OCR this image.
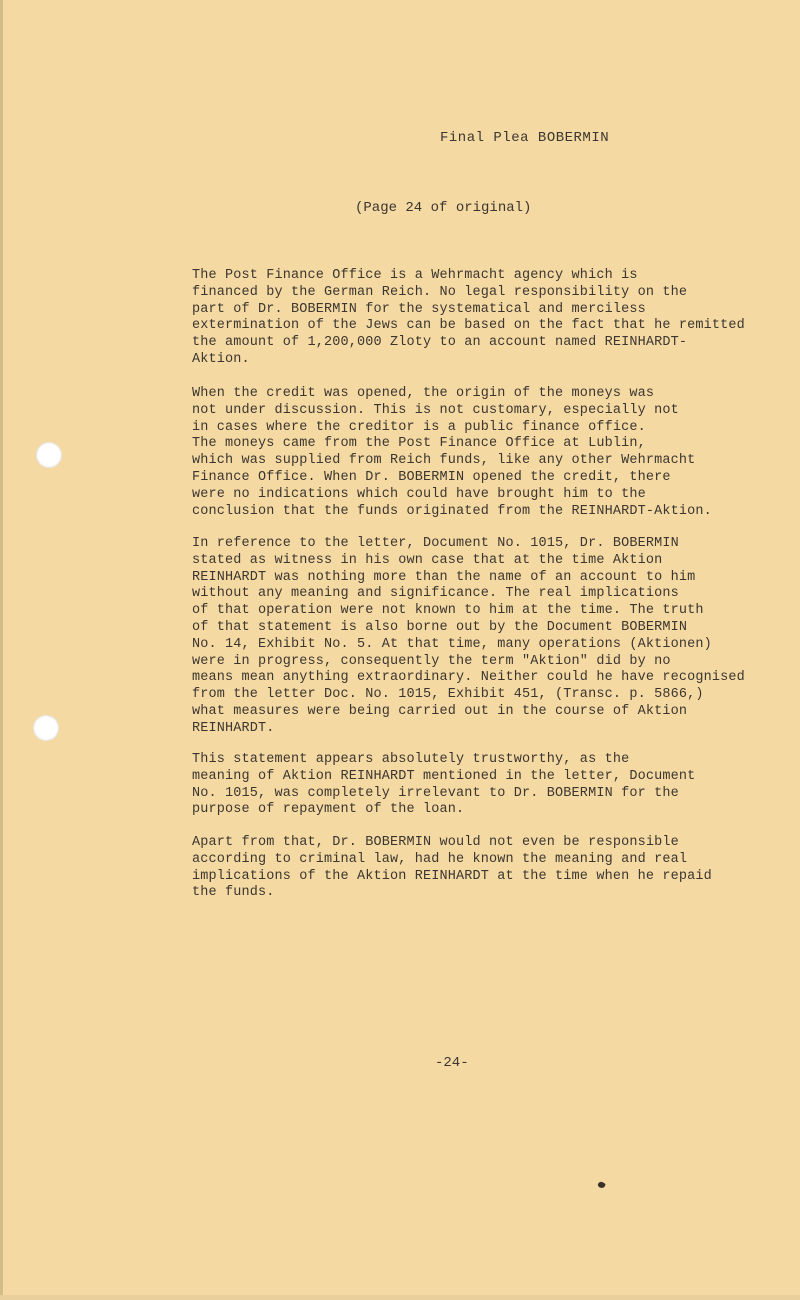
Final Plea BOBERMIN
(Page 24 of original)
The Post Finance Office is a Wehrmacht agency which is
financed by the German Reich. No legal responsibility on the
part of Dr. BOBERMIN for the systematical and merciless
extermination of the Jews can be based on the fact that he remitted
the amount of 1,200,000 Zloty to an account named REINHARDT-
Aktion.
When the credit was opened, the origin of the moneys was
not under discussion. This is not customary, especially not
in cases where the creditor is a public finance office.
The moneys came from the Post Finance Office at Lublin,
which was supplied from Reich funds, like any other Wehrmacht
Finance Office. When Dr. BOBERMIN opened the credit, there
were no indications which could have brought him to the
conclusion that the funds originated from the REINHARDT-Aktion.
In reference to the letter, Document No. 1015, Dr. BOBERMIN
stated as witness in his own case that at the time Aktion
REINHARDT was nothing more than the name of an account to him
without any meaning and significance. The real implications
of that operation were not known to him at the time. The truth
of that statement is also borne out by the Document BOBERMIN
No. 14, Exhibit No. 5. At that time, many operations (Aktionen)
were in progress, consequently the term "Aktion" did by no
means mean anything extraordinary. Neither could he have recognised
from the letter Doc. No. 1015, Exhibit 451, (Transc. p. 5866,)
what measures were being carried out in the course of Aktion
REINHARDT.
This statement appears absolutely trustworthy, as the
meaning of Aktion REINHARDT mentioned in the letter, Document
No. 1015, was completely irrelevant to Dr. BOBERMIN for the
purpose of repayment of the loan.
Apart from that, Dr. BOBERMIN would not even be responsible
according to criminal law, had he known the meaning and real
implications of the Aktion REINHARDT at the time when he repaid
the funds.
-24-
